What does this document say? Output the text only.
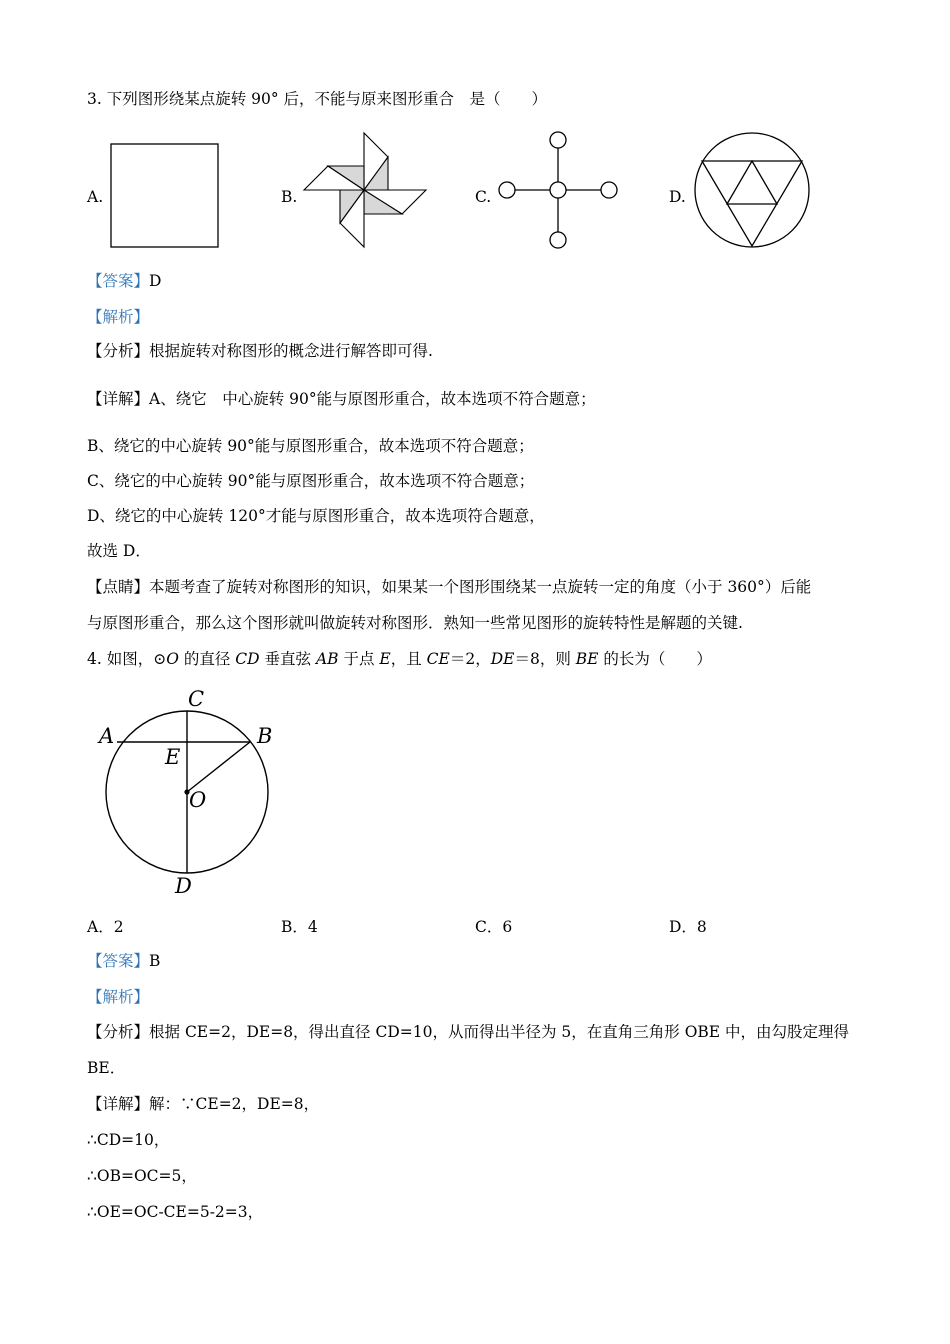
3. 下列图形绕某点旋转 90° 后，不能与原来图形重合　是（　　）
A.	B.	C.	D.
【答案】D
【解析】
【分析】根据旋转对称图形的概念进行解答即可得.
【详解】A、绕它　中心旋转 90°能与原图形重合，故本选项不符合题意；
B、绕它的中心旋转 90°能与原图形重合，故本选项不符合题意；
C、绕它的中心旋转 90°能与原图形重合，故本选项不符合题意；
D、绕它的中心旋转 120°才能与原图形重合，故本选项符合题意，
故选 D．
【点睛】本题考查了旋转对称图形的知识，如果某一个图形围绕某一点旋转一定的角度（小于 360°）后能
与原图形重合，那么这个图形就叫做旋转对称图形．熟知一些常见图形的旋转特性是解题的关键.
4. 如图，⊙O 的直径 CD 垂直弦 AB 于点 E，且 CE＝2，DE＝8，则 BE 的长为（　　）
C
A	B
E
O
D
A．2	B．4	C．6	D．8
【答案】B
【解析】
【分析】根据 CE=2，DE=8，得出直径 CD=10，从而得出半径为 5，在直角三角形 OBE 中，由勾股定理得
BE．
【详解】解：∵CE=2，DE=8，
∴CD=10，
∴OB=OC=5，
∴OE=OC-CE=5-2=3，
